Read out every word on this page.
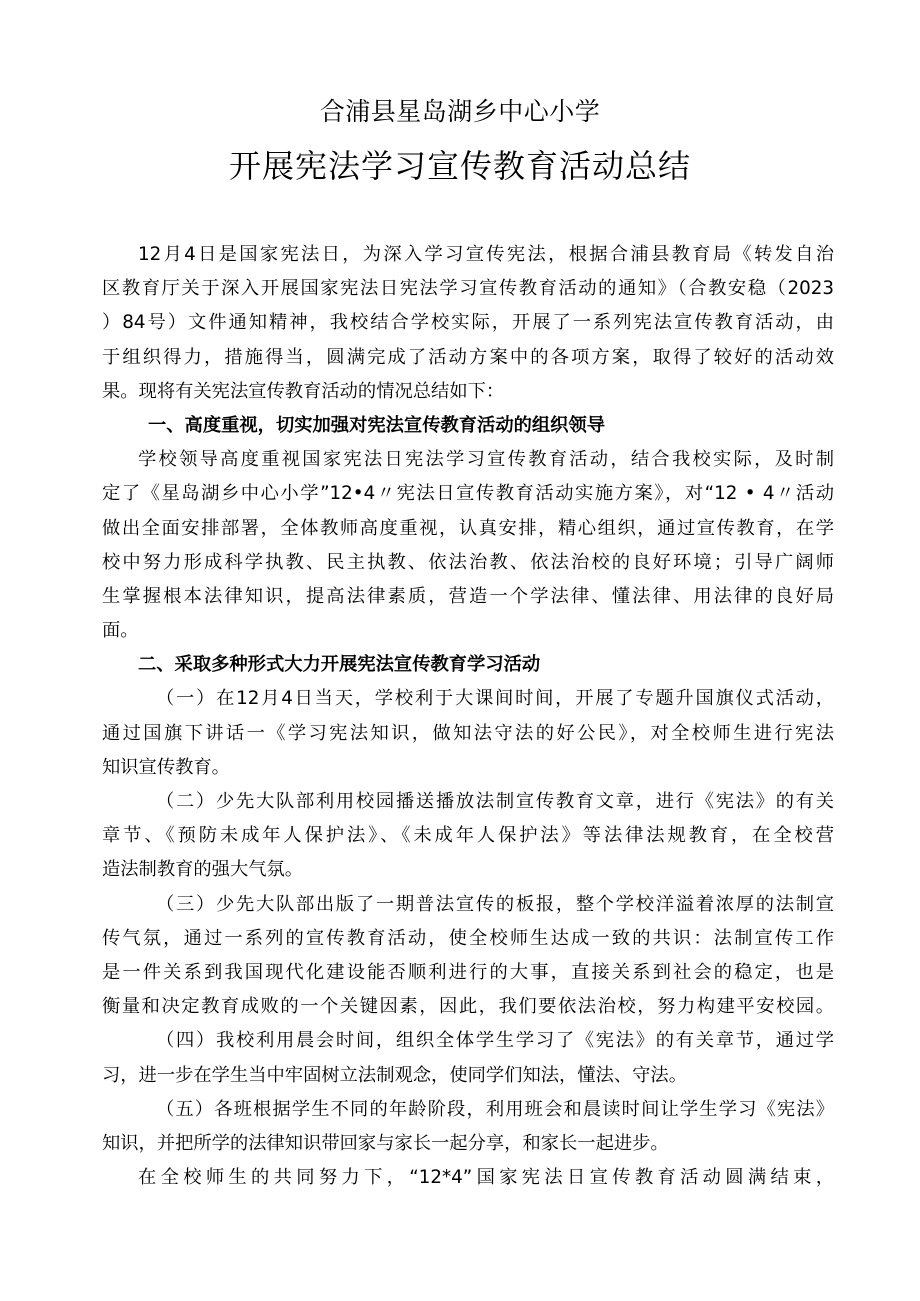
合浦县星岛湖乡中心小学
开展宪法学习宣传教育活动总结
12月4日是国家宪法日，为深入学习宣传宪法，根据合浦县教育局《转发自治
区教育厅关于深入开展国家宪法日宪法学习宣传教育活动的通知》（合教安稳（2023
）84号）文件通知精神，我校结合学校实际，开展了一系列宪法宣传教育活动，由
于组织得力，措施得当，圆满完成了活动方案中的各项方案，取得了较好的活动效
果。现将有关宪法宣传教育活动的情况总结如下：
一、高度重视，切实加强对宪法宣传教育活动的组织领导
学校领导高度重视国家宪法日宪法学习宣传教育活动，结合我校实际，及时制
定了《星岛湖乡中心小学”12•4〃宪法日宣传教育活动实施方案》，对“12 • 4〃活动
做出全面安排部署，全体教师高度重视，认真安排，精心组织，通过宣传教育，在学
校中努力形成科学执教、民主执教、依法治教、依法治校的良好环境；引导广阔师
生掌握根本法律知识，提高法律素质，营造一个学法律、懂法律、用法律的良好局
面。
二、采取多种形式大力开展宪法宣传教育学习活动
（一）在12月4日当天，学校利于大课间时间，开展了专题升国旗仪式活动，
通过国旗下讲话一《学习宪法知识，做知法守法的好公民》，对全校师生进行宪法
知识宣传教育。
（二）少先大队部利用校园播送播放法制宣传教育文章，进行《宪法》的有关
章节、《预防未成年人保护法》、《未成年人保护法》等法律法规教育，在全校营
造法制教育的强大气氛。
（三）少先大队部出版了一期普法宣传的板报，整个学校洋溢着浓厚的法制宣
传气氛，通过一系列的宣传教育活动，使全校师生达成一致的共识：法制宣传工作
是一件关系到我国现代化建设能否顺利进行的大事，直接关系到社会的稳定，也是
衡量和决定教育成败的一个关键因素，因此，我们要依法治校，努力构建平安校园。
（四）我校利用晨会时间，组织全体学生学习了《宪法》的有关章节，通过学
习，进一步在学生当中牢固树立法制观念，使同学们知法，懂法、守法。
（五）各班根据学生不同的年龄阶段，利用班会和晨读时间让学生学习《宪法》
知识，并把所学的法律知识带回家与家长一起分享，和家长一起进步。
在全校师生的共同努力下，“12*4”国家宪法日宣传教育活动圆满结束，
